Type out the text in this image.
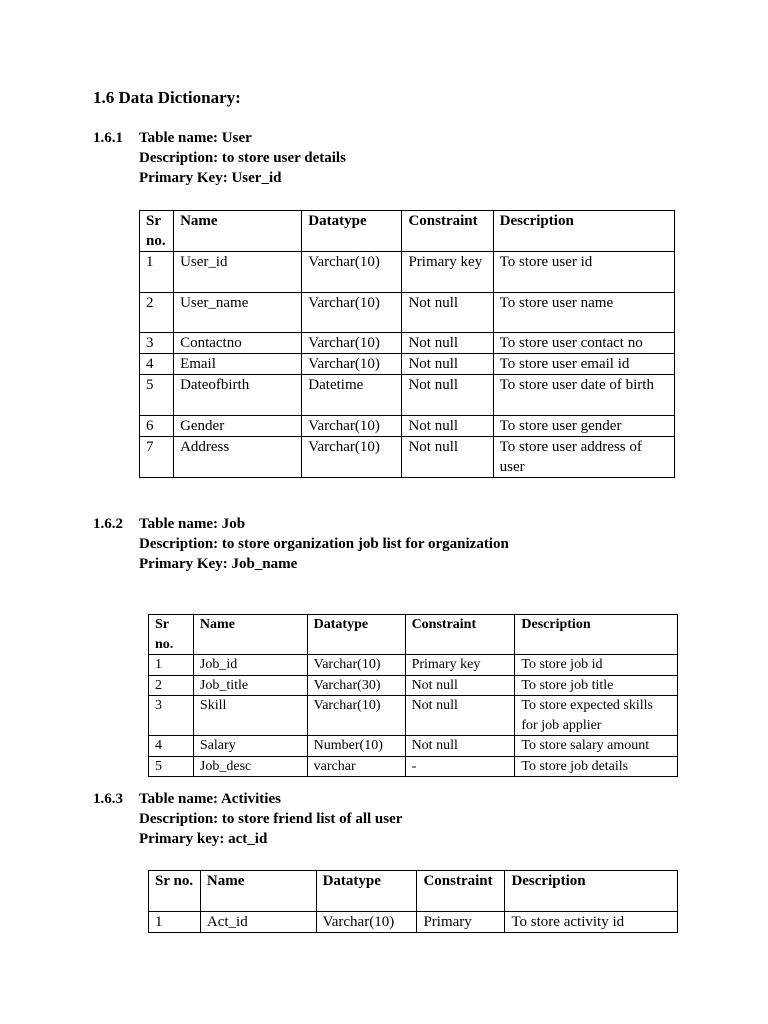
1.6 Data Dictionary:
1.6.1 Table name: User
Description: to store user details
Primary Key: User_id
Sr no.	Name	Datatype	Constraint	Description
1	User_id	Varchar(10)	Primary key	To store user id
2	User_name	Varchar(10)	Not null	To store user name
3	Contactno	Varchar(10)	Not null	To store user contact no
4	Email	Varchar(10)	Not null	To store user email id
5	Dateofbirth	Datetime	Not null	To store user date of birth
6	Gender	Varchar(10)	Not null	To store user gender
7	Address	Varchar(10)	Not null	To store user address of user
1.6.2 Table name: Job
Description: to store organization job list for organization
Primary Key: Job_name
Sr no.	Name	Datatype	Constraint	Description
1	Job_id	Varchar(10)	Primary key	To store job id
2	Job_title	Varchar(30)	Not null	To store job title
3	Skill	Varchar(10)	Not null	To store expected skills for job applier
4	Salary	Number(10)	Not null	To store salary amount
5	Job_desc	varchar	-	To store job details
1.6.3 Table name: Activities
Description: to store friend list of all user
Primary key: act_id
Sr no.	Name	Datatype	Constraint	Description
1	Act_id	Varchar(10)	Primary	To store activity id
